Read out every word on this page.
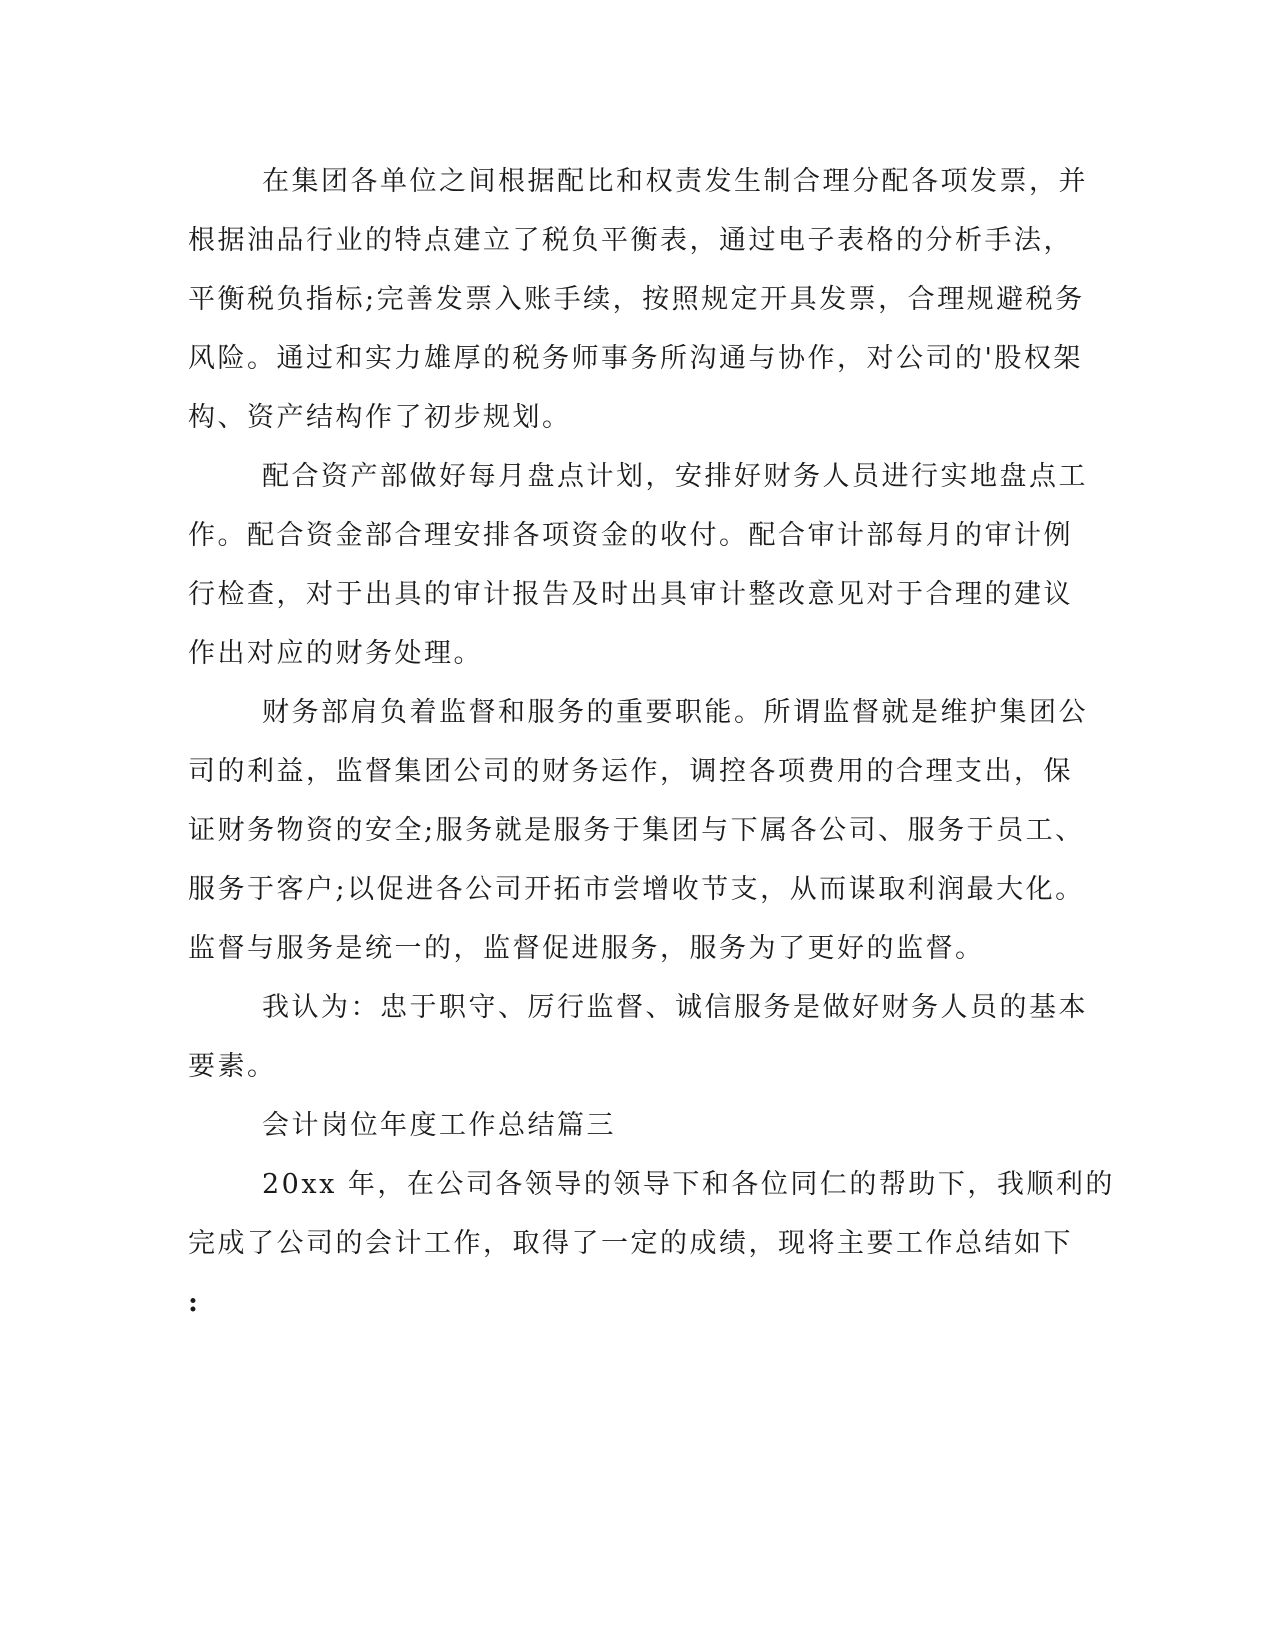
在集团各单位之间根据配比和权责发生制合理分配各项发票，并

根据油品行业的特点建立了税负平衡表，通过电子表格的分析手法，

平衡税负指标;完善发票入账手续，按照规定开具发票，合理规避税务

风险。通过和实力雄厚的税务师事务所沟通与协作，对公司的'股权架

构、资产结构作了初步规划。

配合资产部做好每月盘点计划，安排好财务人员进行实地盘点工

作。配合资金部合理安排各项资金的收付。配合审计部每月的审计例

行检查，对于出具的审计报告及时出具审计整改意见对于合理的建议

作出对应的财务处理。

财务部肩负着监督和服务的重要职能。所谓监督就是维护集团公

司的利益，监督集团公司的财务运作，调控各项费用的合理支出，保

证财务物资的安全;服务就是服务于集团与下属各公司、服务于员工、

服务于客户;以促进各公司开拓市尝增收节支，从而谋取利润最大化。

监督与服务是统一的，监督促进服务，服务为了更好的监督。

我认为：忠于职守、厉行监督、诚信服务是做好财务人员的基本

要素。

会计岗位年度工作总结篇三

20xx 年，在公司各领导的领导下和各位同仁的帮助下，我顺利的

完成了公司的会计工作，取得了一定的成绩，现将主要工作总结如下

:
